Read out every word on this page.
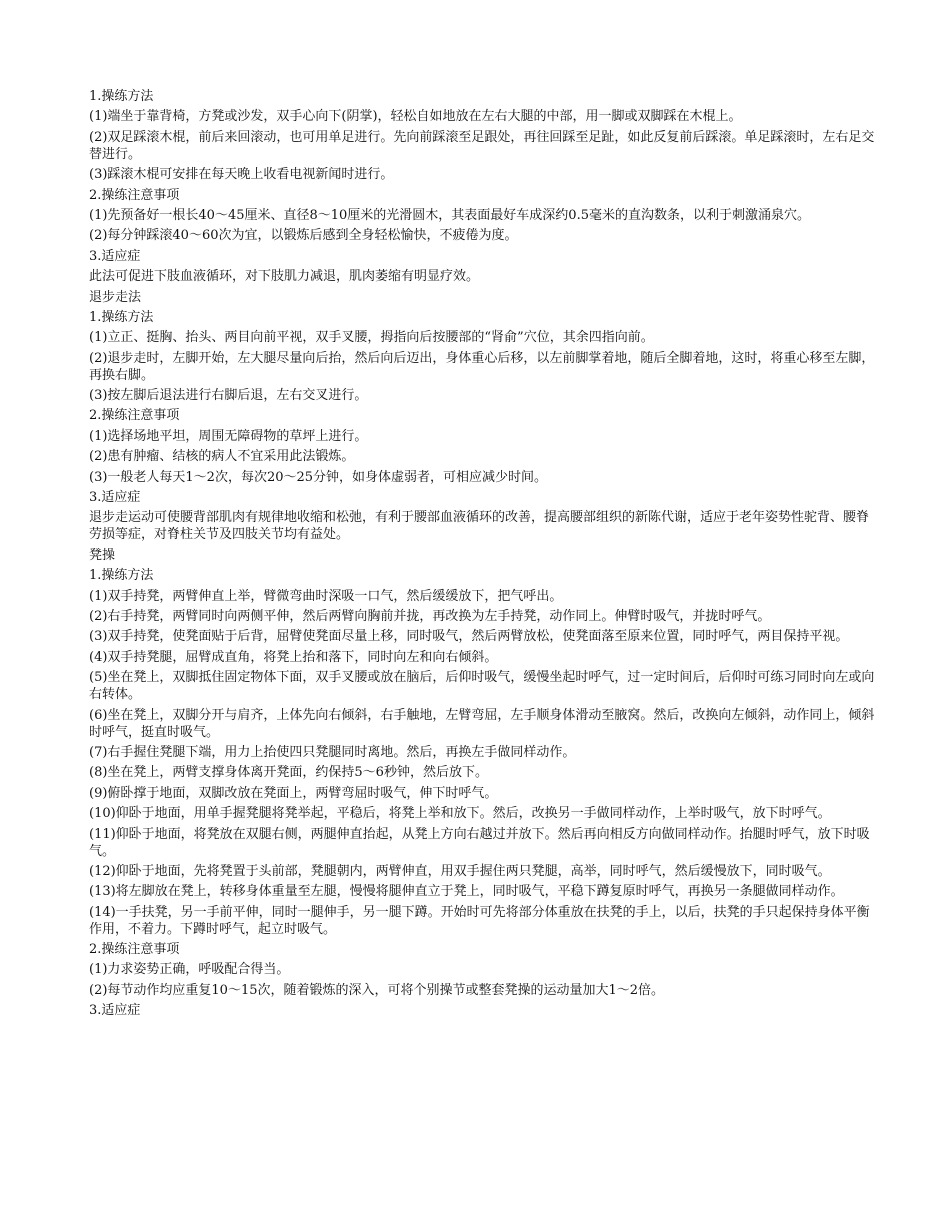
1.操练方法

(1)端坐于靠背椅，方凳或沙发，双手心向下(阴掌)，轻松自如地放在左右大腿的中部，用一脚或双脚踩在木棍上。

(2)双足踩滚木棍，前后来回滚动，也可用单足进行。先向前踩滚至足跟处，再往回踩至足趾，如此反复前后踩滚。单足踩滚时，左右足交替进行。

(3)踩滚木棍可安排在每天晚上收看电视新闻时进行。

2.操练注意事项

(1)先预备好一根长40～45厘米、直径8～10厘米的光滑圆木，其表面最好车成深约0.5毫米的直沟数条，以利于刺激涌泉穴。

(2)每分钟踩滚40～60次为宜，以锻炼后感到全身轻松愉快，不疲倦为度。

3.适应症

此法可促进下肢血液循环，对下肢肌力减退，肌肉萎缩有明显疗效。

退步走法

1.操练方法

(1)立正、挺胸、抬头、两目向前平视，双手叉腰，拇指向后按腰部的“肾俞”穴位，其余四指向前。

(2)退步走时，左脚开始，左大腿尽量向后抬，然后向后迈出，身体重心后移，以左前脚掌着地，随后全脚着地，这时，将重心移至左脚，再换右脚。

(3)按左脚后退法进行右脚后退，左右交叉进行。

2.操练注意事项

(1)选择场地平坦，周围无障碍物的草坪上进行。

(2)患有肿瘤、结核的病人不宜采用此法锻炼。

(3)一般老人每天1～2次，每次20～25分钟，如身体虚弱者，可相应减少时间。

3.适应症

退步走运动可使腰背部肌肉有规律地收缩和松弛，有利于腰部血液循环的改善，提高腰部组织的新陈代谢，适应于老年姿势性驼背、腰脊劳损等症，对脊柱关节及四肢关节均有益处。

凳操

1.操练方法

(1)双手持凳，两臂伸直上举，臂微弯曲时深吸一口气，然后缓缓放下，把气呼出。

(2)右手持凳，两臂同时向两侧平伸，然后两臂向胸前并拢，再改换为左手持凳，动作同上。伸臂时吸气，并拢时呼气。

(3)双手持凳，使凳面贴于后背，屈臂使凳面尽量上移，同时吸气，然后两臂放松，使凳面落至原来位置，同时呼气，两目保持平视。

(4)双手持凳腿，屈臂成直角，将凳上抬和落下，同时向左和向右倾斜。

(5)坐在凳上，双脚抵住固定物体下面，双手叉腰或放在脑后，后仰时吸气，缓慢坐起时呼气，过一定时间后，后仰时可练习同时向左或向右转体。

(6)坐在凳上，双脚分开与肩齐，上体先向右倾斜，右手触地，左臂弯屈，左手顺身体滑动至腋窝。然后，改换向左倾斜，动作同上，倾斜时呼气，挺直时吸气。

(7)右手握住凳腿下端，用力上抬使四只凳腿同时离地。然后，再换左手做同样动作。

(8)坐在凳上，两臂支撑身体离开凳面，约保持5～6秒钟，然后放下。

(9)俯卧撑于地面，双脚改放在凳面上，两臂弯屈时吸气，伸下时呼气。

(10)仰卧于地面，用单手握凳腿将凳举起，平稳后，将凳上举和放下。然后，改换另一手做同样动作，上举时吸气，放下时呼气。

(11)仰卧于地面，将凳放在双腿右侧，两腿伸直抬起，从凳上方向右越过并放下。然后再向相反方向做同样动作。抬腿时呼气，放下时吸气。

(12)仰卧于地面，先将凳置于头前部，凳腿朝内，两臂伸直，用双手握住两只凳腿，高举，同时呼气，然后缓慢放下，同时吸气。

(13)将左脚放在凳上，转移身体重量至左腿，慢慢将腿伸直立于凳上，同时吸气，平稳下蹲复原时呼气，再换另一条腿做同样动作。

(14)一手扶凳，另一手前平伸，同时一腿伸手，另一腿下蹲。开始时可先将部分体重放在扶凳的手上，以后，扶凳的手只起保持身体平衡作用，不着力。下蹲时呼气，起立时吸气。

2.操练注意事项

(1)力求姿势正确，呼吸配合得当。

(2)每节动作均应重复10～15次，随着锻炼的深入，可将个别操节或整套凳操的运动量加大1～2倍。

3.适应症
